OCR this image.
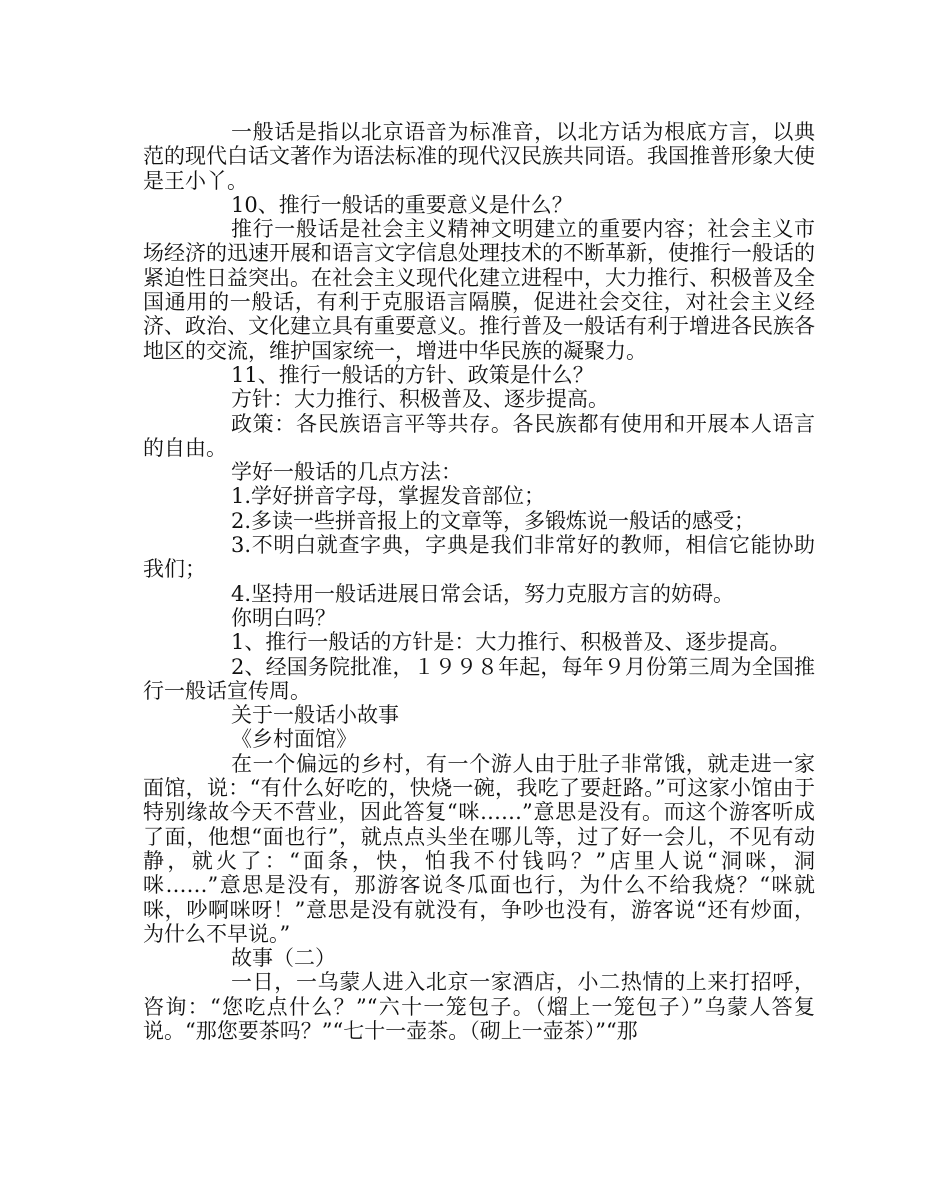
一般话是指以北京语音为标准音，以北方话为根底方言，以典范的现代白话文著作为语法标准的现代汉民族共同语。我国推普形象大使是王小丫。

10、推行一般话的重要意义是什么？

推行一般话是社会主义精神文明建立的重要内容；社会主义市场经济的迅速开展和语言文字信息处理技术的不断革新，使推行一般话的紧迫性日益突出。在社会主义现代化建立进程中，大力推行、积极普及全国通用的一般话，有利于克服语言隔膜，促进社会交往，对社会主义经济、政治、文化建立具有重要意义。推行普及一般话有利于增进各民族各地区的交流，维护国家统一，增进中华民族的凝聚力。

11、推行一般话的方针、政策是什么？

方针：大力推行、积极普及、逐步提高。

政策：各民族语言平等共存。各民族都有使用和开展本人语言的自由。

学好一般话的几点方法：

1.学好拼音字母，掌握发音部位；

2.多读一些拼音报上的文章等，多锻炼说一般话的感受；

3.不明白就查字典，字典是我们非常好的教师，相信它能协助我们；

4.坚持用一般话进展日常会话，努力克服方言的妨碍。

你明白吗？

1、推行一般话的方针是：大力推行、积极普及、逐步提高。

2、经国务院批准，１９９８年起，每年９月份第三周为全国推行一般话宣传周。

关于一般话小故事

《乡村面馆》

在一个偏远的乡村，有一个游人由于肚子非常饿，就走进一家面馆，说：“有什么好吃的，快烧一碗，我吃了要赶路。”可这家小馆由于特别缘故今天不营业，因此答复“咪……”意思是没有。而这个游客听成了面，他想“面也行”，就点点头坐在哪儿等，过了好一会儿，不见有动静，就火了：“面条，快，怕我不付钱吗？”店里人说“洞咪，洞咪……”意思是没有，那游客说冬瓜面也行，为什么不给我烧？“咪就咪，吵啊咪呀！”意思是没有就没有，争吵也没有，游客说“还有炒面，为什么不早说。”

故事（二）

一日，一乌蒙人进入北京一家酒店，小二热情的上来打招呼，咨询：“您吃点什么？”“六十一笼包子。（熘上一笼包子）”乌蒙人答复说。“那您要茶吗？”“七十一壶茶。（砌上一壶茶）”“那
